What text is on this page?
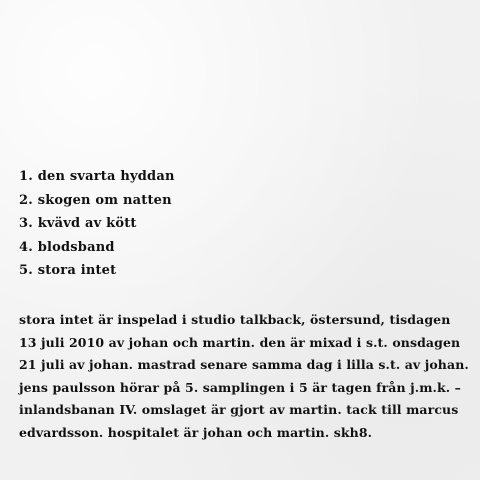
1. den svarta hyddan
2. skogen om natten
3. kvävd av kött
4. blodsband
5. stora intet

stora intet är inspelad i studio talkback, östersund, tisdagen
13 juli 2010 av johan och martin. den är mixad i s.t. onsdagen
21 juli av johan. mastrad senare samma dag i lilla s.t. av johan.
jens paulsson hörar på 5. samplingen i 5 är tagen från j.m.k. –
inlandsbanan IV. omslaget är gjort av martin. tack till marcus
edvardsson. hospitalet är johan och martin. skh8.
